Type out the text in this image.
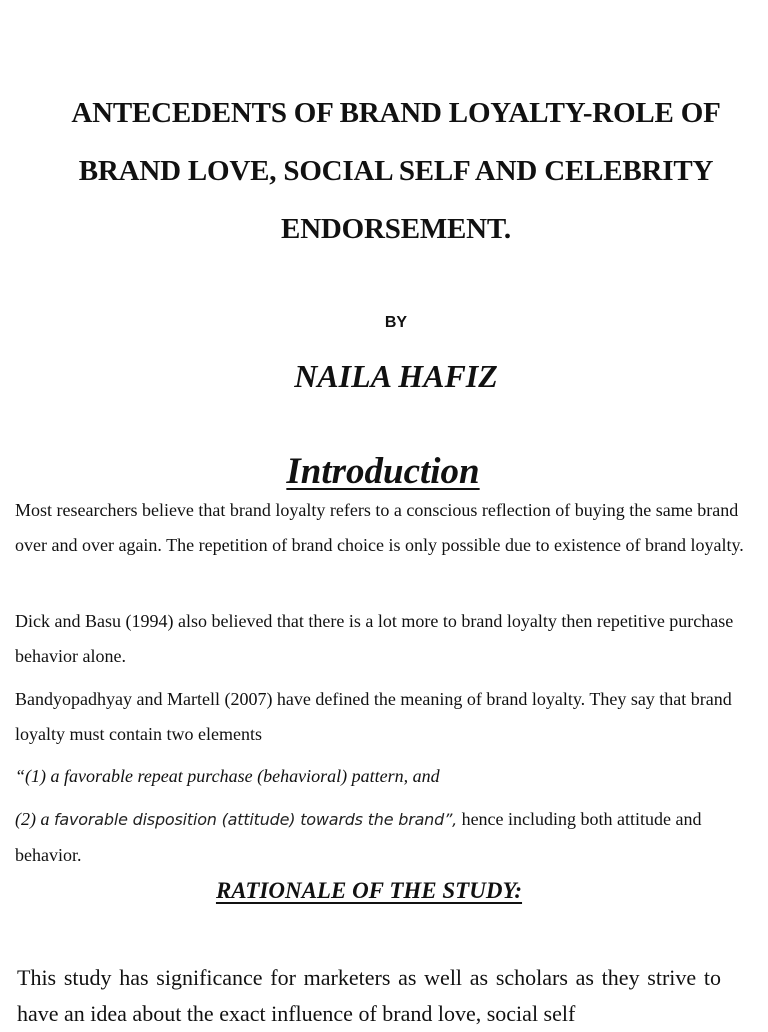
ANTECEDENTS OF BRAND LOYALTY-ROLE OF
BRAND LOVE, SOCIAL SELF AND CELEBRITY
ENDORSEMENT.
BY
NAILA HAFIZ
Introduction

Most researchers believe that brand loyalty refers to a conscious reflection of buying the same brand over and over again. The repetition of brand choice is only possible due to existence of brand loyalty.

Dick and Basu (1994) also believed that there is a lot more to brand loyalty then repetitive purchase behavior alone.

Bandyopadhyay and Martell (2007) have defined the meaning of brand loyalty. They say that brand loyalty must contain two elements

“(1) a favorable repeat purchase (behavioral) pattern, and

(2) a favorable disposition (attitude) towards the brand”, hence including both attitude and behavior.

RATIONALE OF THE STUDY:

This study has significance for marketers as well as scholars as they strive to have an idea about the exact influence of brand love, social self
